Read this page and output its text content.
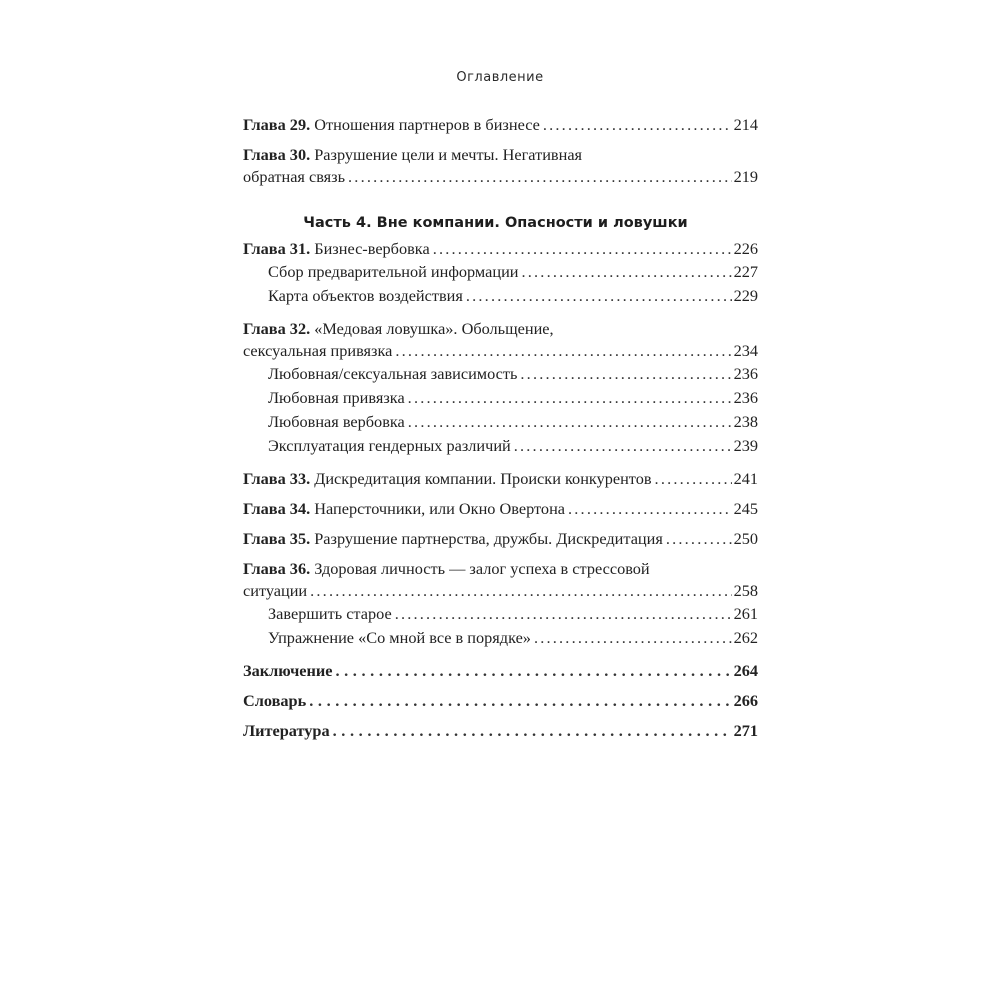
Оглавление
Глава 29. Отношения партнеров в бизнесе .....	214
Глава 30. Разрушение цели и мечты. Негативная
обратная связь .....	219
Часть 4. Вне компании. Опасности и ловушки
Глава 31. Бизнес-вербовка .....	226
Сбор предварительной информации .....	227
Карта объектов воздействия .....	229
Глава 32. «Медовая ловушка». Обольщение,
сексуальная привязка .....	234
Любовная/сексуальная зависимость .....	236
Любовная привязка .....	236
Любовная вербовка .....	238
Эксплуатация гендерных различий .....	239
Глава 33. Дискредитация компании. Происки конкурентов .....	241
Глава 34. Наперсточники, или Окно Овертона .....	245
Глава 35. Разрушение партнерства, дружбы. Дискредитация .....	250
Глава 36. Здоровая личность — залог успеха в стрессовой
ситуации .....	258
Завершить старое .....	261
Упражнение «Со мной все в порядке» .....	262
Заключение .....	264
Словарь .....	266
Литература .....	271
